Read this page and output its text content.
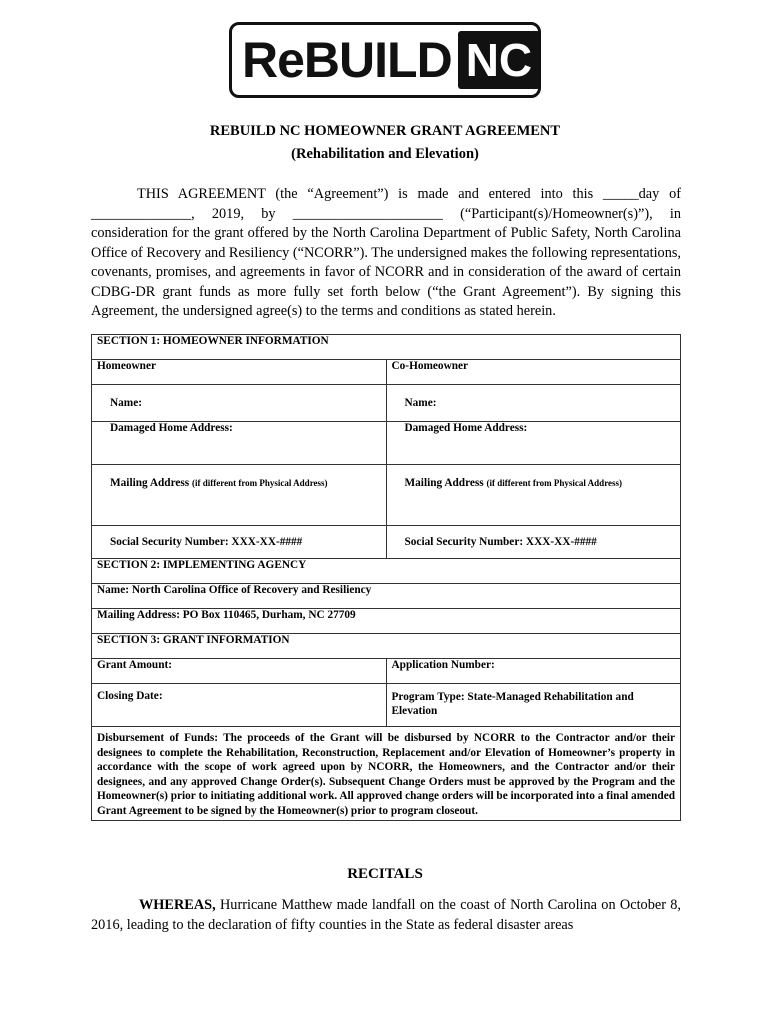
ReBUILD NC
REBUILD NC HOMEOWNER GRANT AGREEMENT
(Rehabilitation and Elevation)

THIS AGREEMENT (the “Agreement”) is made and entered into this _____day of ______________, 2019, by _____________________ (“Participant(s)/Homeowner(s)”), in consideration for the grant offered by the North Carolina Department of Public Safety, North Carolina Office of Recovery and Resiliency (“NCORR”). The undersigned makes the following representations, covenants, promises, and agreements in favor of NCORR and in consideration of the award of certain CDBG-DR grant funds as more fully set forth below (“the Grant Agreement”). By signing this Agreement, the undersigned agree(s) to the terms and conditions as stated herein.

SECTION 1: HOMEOWNER INFORMATION	
Homeowner	Co-Homeowner
Name:	Name:
Damaged Home Address:	Damaged Home Address:
Mailing Address (if different from Physical Address)	Mailing Address (if different from Physical Address)
Social Security Number: XXX-XX-####	Social Security Number: XXX-XX-####
SECTION 2: IMPLEMENTING AGENCY	
Name: North Carolina Office of Recovery and Resiliency	
Mailing Address: PO Box 110465, Durham, NC 27709	
SECTION 3: GRANT INFORMATION	
Grant Amount:	Application Number:
Closing Date:	Program Type: State-Managed Rehabilitation and Elevation
Disbursement of Funds: The proceeds of the Grant will be disbursed by NCORR to the Contractor and/or their designees to complete the Rehabilitation, Reconstruction, Replacement and/or Elevation of Homeowner’s property in accordance with the scope of work agreed upon by NCORR, the Homeowners, and the Contractor and/or their designees, and any approved Change Order(s). Subsequent Change Orders must be approved by the Program and the Homeowner(s) prior to initiating additional work. All approved change orders will be incorporated into a final amended Grant Agreement to be signed by the Homeowner(s) prior to program closeout.	
RECITALS
WHEREAS, Hurricane Matthew made landfall on the coast of North Carolina on October 8, 2016, leading to the declaration of fifty counties in the State as federal disaster areas
